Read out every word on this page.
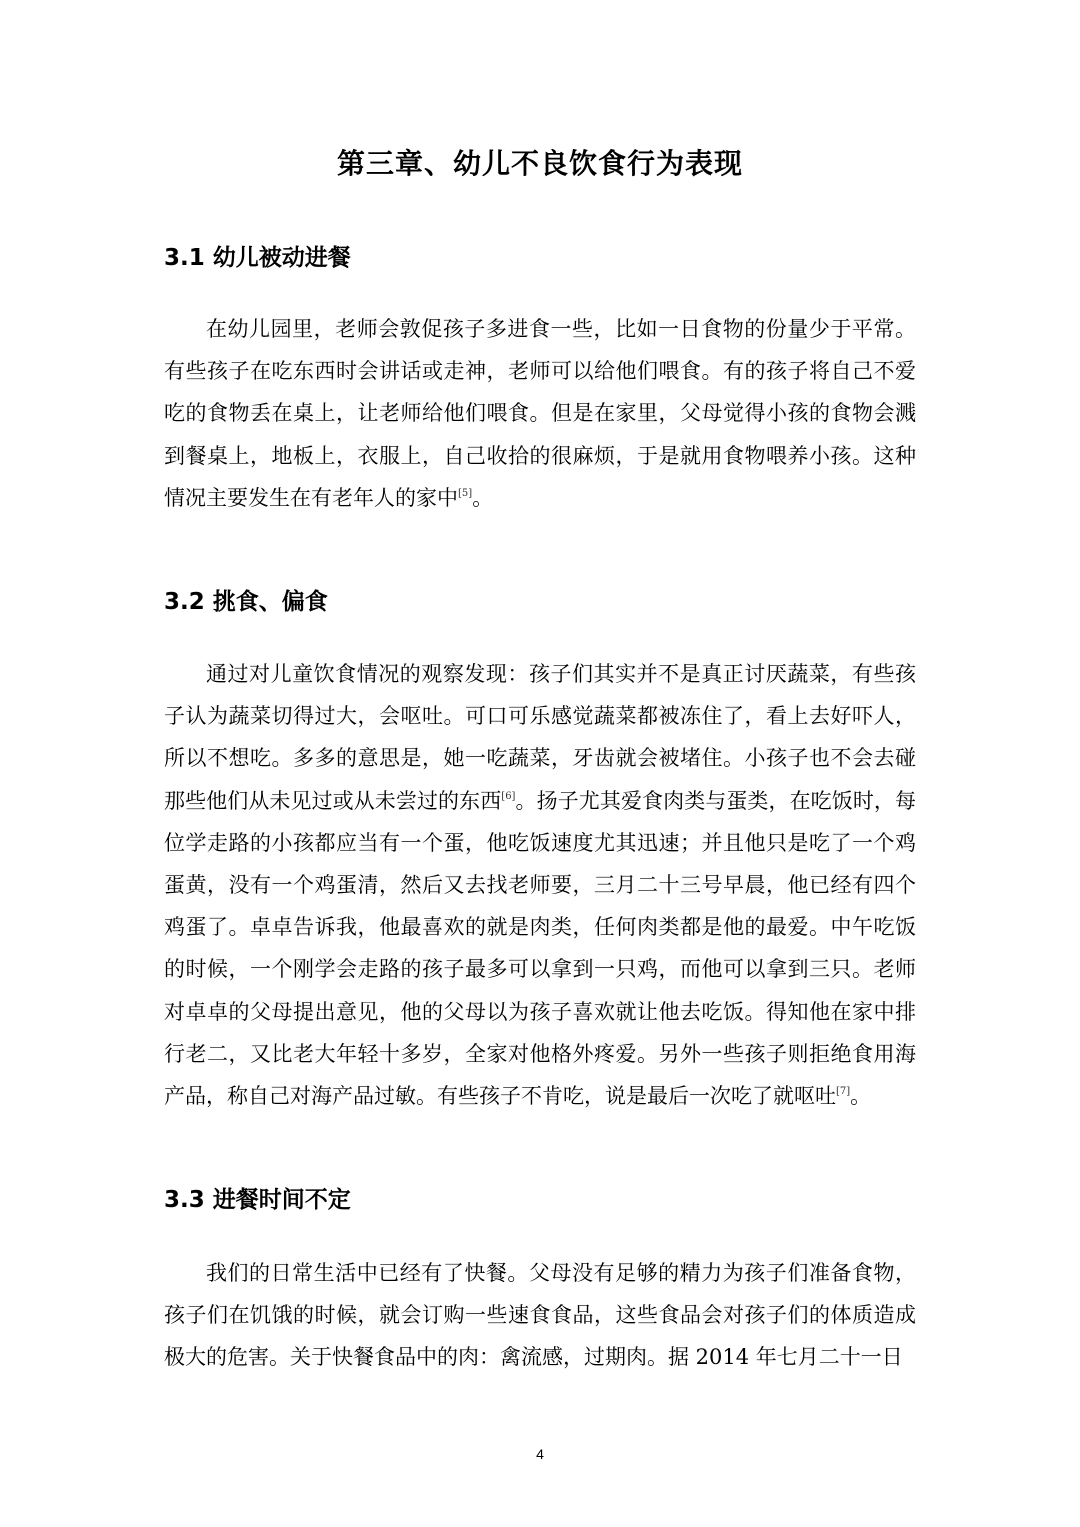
第三章、幼儿不良饮食行为表现
3.1 幼儿被动进餐

在幼儿园里，老师会敦促孩子多进食一些，比如一日食物的份量少于平常。有些孩子在吃东西时会讲话或走神，老师可以给他们喂食。有的孩子将自己不爱吃的食物丢在桌上，让老师给他们喂食。但是在家里，父母觉得小孩的食物会溅到餐桌上，地板上，衣服上，自己收拾的很麻烦，于是就用食物喂养小孩。这种情况主要发生在有老年人的家中[5]。

3.2 挑食、偏食

通过对儿童饮食情况的观察发现：孩子们其实并不是真正讨厌蔬菜，有些孩子认为蔬菜切得过大，会呕吐。可口可乐感觉蔬菜都被冻住了，看上去好吓人，所以不想吃。多多的意思是，她一吃蔬菜，牙齿就会被堵住。小孩子也不会去碰那些他们从未见过或从未尝过的东西[6]。扬子尤其爱食肉类与蛋类，在吃饭时，每位学走路的小孩都应当有一个蛋，他吃饭速度尤其迅速；并且他只是吃了一个鸡蛋黄，没有一个鸡蛋清，然后又去找老师要，三月二十三号早晨，他已经有四个鸡蛋了。卓卓告诉我，他最喜欢的就是肉类，任何肉类都是他的最爱。中午吃饭的时候，一个刚学会走路的孩子最多可以拿到一只鸡，而他可以拿到三只。老师对卓卓的父母提出意见，他的父母以为孩子喜欢就让他去吃饭。得知他在家中排行老二，又比老大年轻十多岁，全家对他格外疼爱。另外一些孩子则拒绝食用海产品，称自己对海产品过敏。有些孩子不肯吃，说是最后一次吃了就呕吐[7]。

3.3 进餐时间不定

我们的日常生活中已经有了快餐。父母没有足够的精力为孩子们准备食物，孩子们在饥饿的时候，就会订购一些速食食品，这些食品会对孩子们的体质造成极大的危害。关于快餐食品中的肉：禽流感，过期肉。据 2014 年七月二十一日

4
